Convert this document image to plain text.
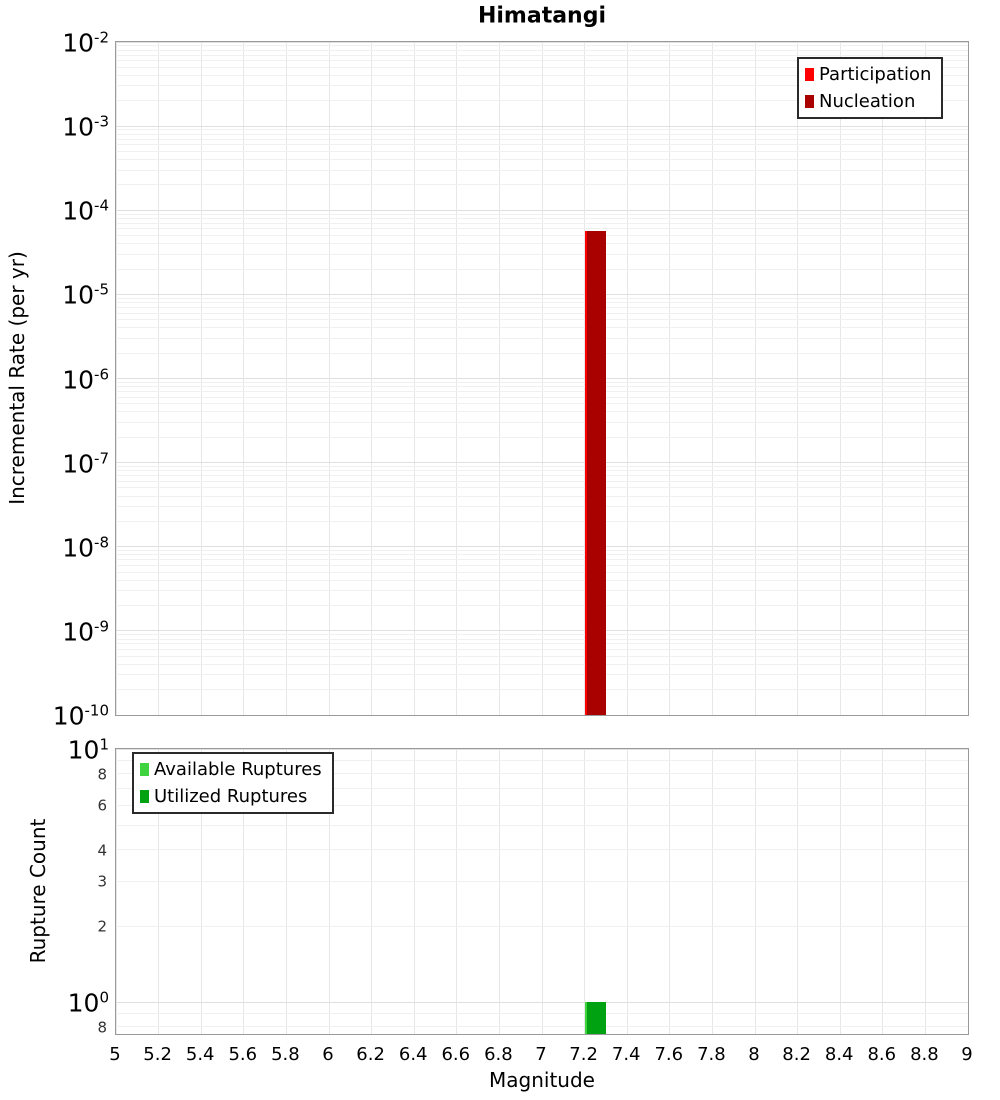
Himatangi
Incremental Rate (per yr)
Rupture Count
Magnitude
Participation
Nucleation
Available Ruptures
Utilized Ruptures
$10^{-2}$
$10^{-3}$
$10^{-4}$
$10^{-5}$
$10^{-6}$
$10^{-7}$
$10^{-8}$
$10^{-9}$
$10^{-10}$
$10^1$
$10^0$
8
6
4
3
2
8
5 5.2 5.4 5.6 5.8 6 6.2 6.4 6.6 6.8 7 7.2 7.4 7.6 7.8 8 8.2 8.4 8.6 8.8 9
